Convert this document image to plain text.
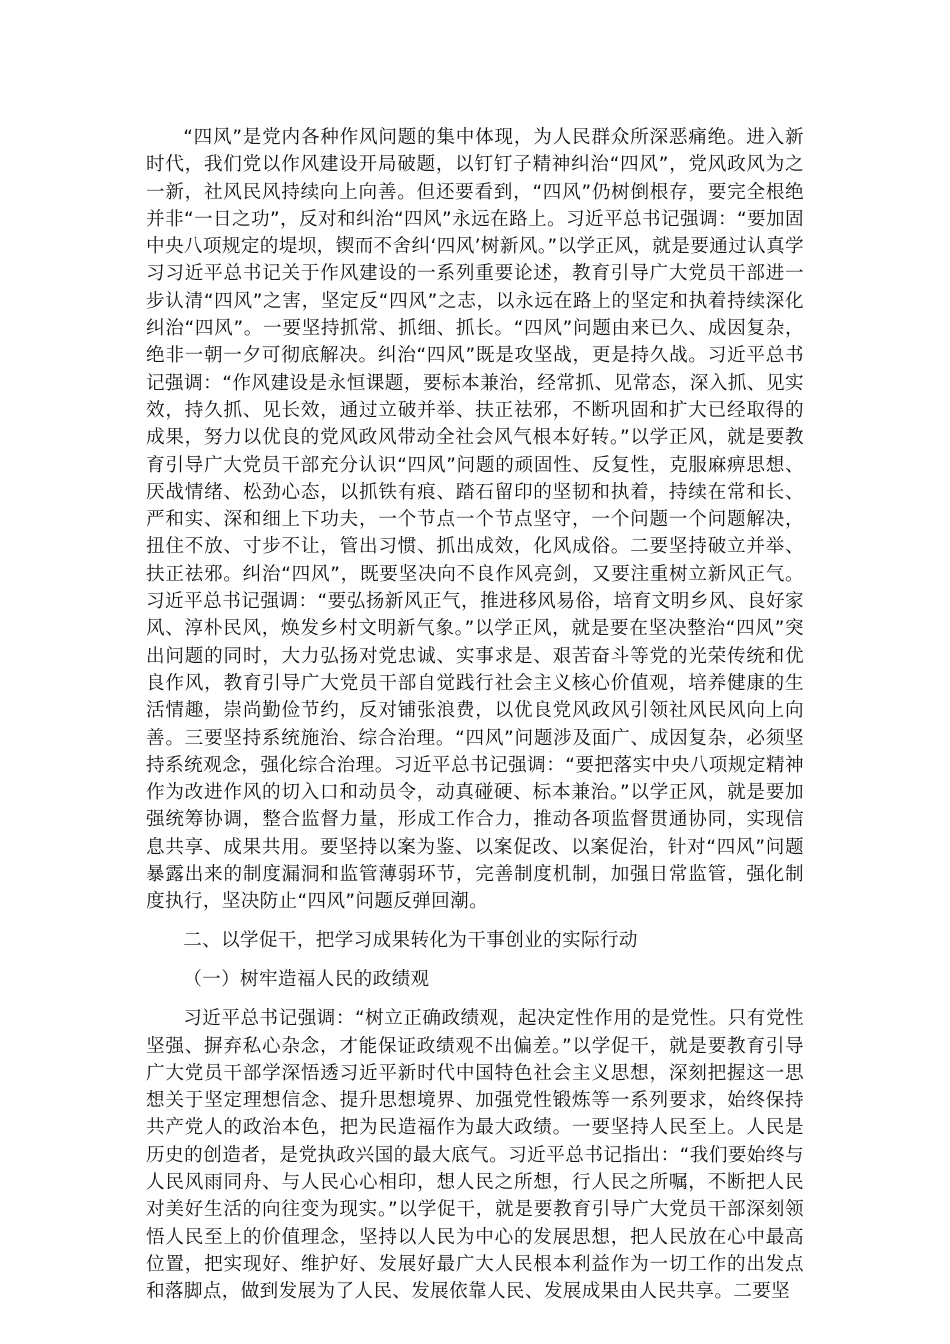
“四风”是党内各种作风问题的集中体现，为人民群众所深恶痛绝。进入新时代，我们党以作风建设开局破题，以钉钉子精神纠治“四风”，党风政风为之一新，社风民风持续向上向善。但还要看到，“四风”仍树倒根存，要完全根绝并非“一日之功”，反对和纠治“四风”永远在路上。习近平总书记强调：“要加固中央八项规定的堤坝，锲而不舍纠‘四风’树新风。”以学正风，就是要通过认真学习习近平总书记关于作风建设的一系列重要论述，教育引导广大党员干部进一步认清“四风”之害，坚定反“四风”之志，以永远在路上的坚定和执着持续深化纠治“四风”。一要坚持抓常、抓细、抓长。“四风”问题由来已久、成因复杂，绝非一朝一夕可彻底解决。纠治“四风”既是攻坚战，更是持久战。习近平总书记强调：“作风建设是永恒课题，要标本兼治，经常抓、见常态，深入抓、见实效，持久抓、见长效，通过立破并举、扶正祛邪，不断巩固和扩大已经取得的成果，努力以优良的党风政风带动全社会风气根本好转。”以学正风，就是要教育引导广大党员干部充分认识“四风”问题的顽固性、反复性，克服麻痹思想、厌战情绪、松劲心态，以抓铁有痕、踏石留印的坚韧和执着，持续在常和长、严和实、深和细上下功夫，一个节点一个节点坚守，一个问题一个问题解决，扭住不放、寸步不让，管出习惯、抓出成效，化风成俗。二要坚持破立并举、扶正祛邪。纠治“四风”，既要坚决向不良作风亮剑，又要注重树立新风正气。习近平总书记强调：“要弘扬新风正气，推进移风易俗，培育文明乡风、良好家风、淳朴民风，焕发乡村文明新气象。”以学正风，就是要在坚决整治“四风”突出问题的同时，大力弘扬对党忠诚、实事求是、艰苦奋斗等党的光荣传统和优良作风，教育引导广大党员干部自觉践行社会主义核心价值观，培养健康的生活情趣，崇尚勤俭节约，反对铺张浪费，以优良党风政风引领社风民风向上向善。三要坚持系统施治、综合治理。“四风”问题涉及面广、成因复杂，必须坚持系统观念，强化综合治理。习近平总书记强调：“要把落实中央八项规定精神作为改进作风的切入口和动员令，动真碰硬、标本兼治。”以学正风，就是要加强统筹协调，整合监督力量，形成工作合力，推动各项监督贯通协同，实现信息共享、成果共用。要坚持以案为鉴、以案促改、以案促治，针对“四风”问题暴露出来的制度漏洞和监管薄弱环节，完善制度机制，加强日常监管，强化制度执行，坚决防止“四风”问题反弹回潮。

二、以学促干，把学习成果转化为干事创业的实际行动

（一）树牢造福人民的政绩观

习近平总书记强调：“树立正确政绩观，起决定性作用的是党性。只有党性坚强、摒弃私心杂念，才能保证政绩观不出偏差。”以学促干，就是要教育引导广大党员干部学深悟透习近平新时代中国特色社会主义思想，深刻把握这一思想关于坚定理想信念、提升思想境界、加强党性锻炼等一系列要求，始终保持共产党人的政治本色，把为民造福作为最大政绩。一要坚持人民至上。人民是历史的创造者，是党执政兴国的最大底气。习近平总书记指出：“我们要始终与人民风雨同舟、与人民心心相印，想人民之所想，行人民之所嘱，不断把人民对美好生活的向往变为现实。”以学促干，就是要教育引导广大党员干部深刻领悟人民至上的价值理念，坚持以人民为中心的发展思想，把人民放在心中最高位置，把实现好、维护好、发展好最广大人民根本利益作为一切工作的出发点和落脚点，做到发展为了人民、发展依靠人民、发展成果由人民共享。二要坚
